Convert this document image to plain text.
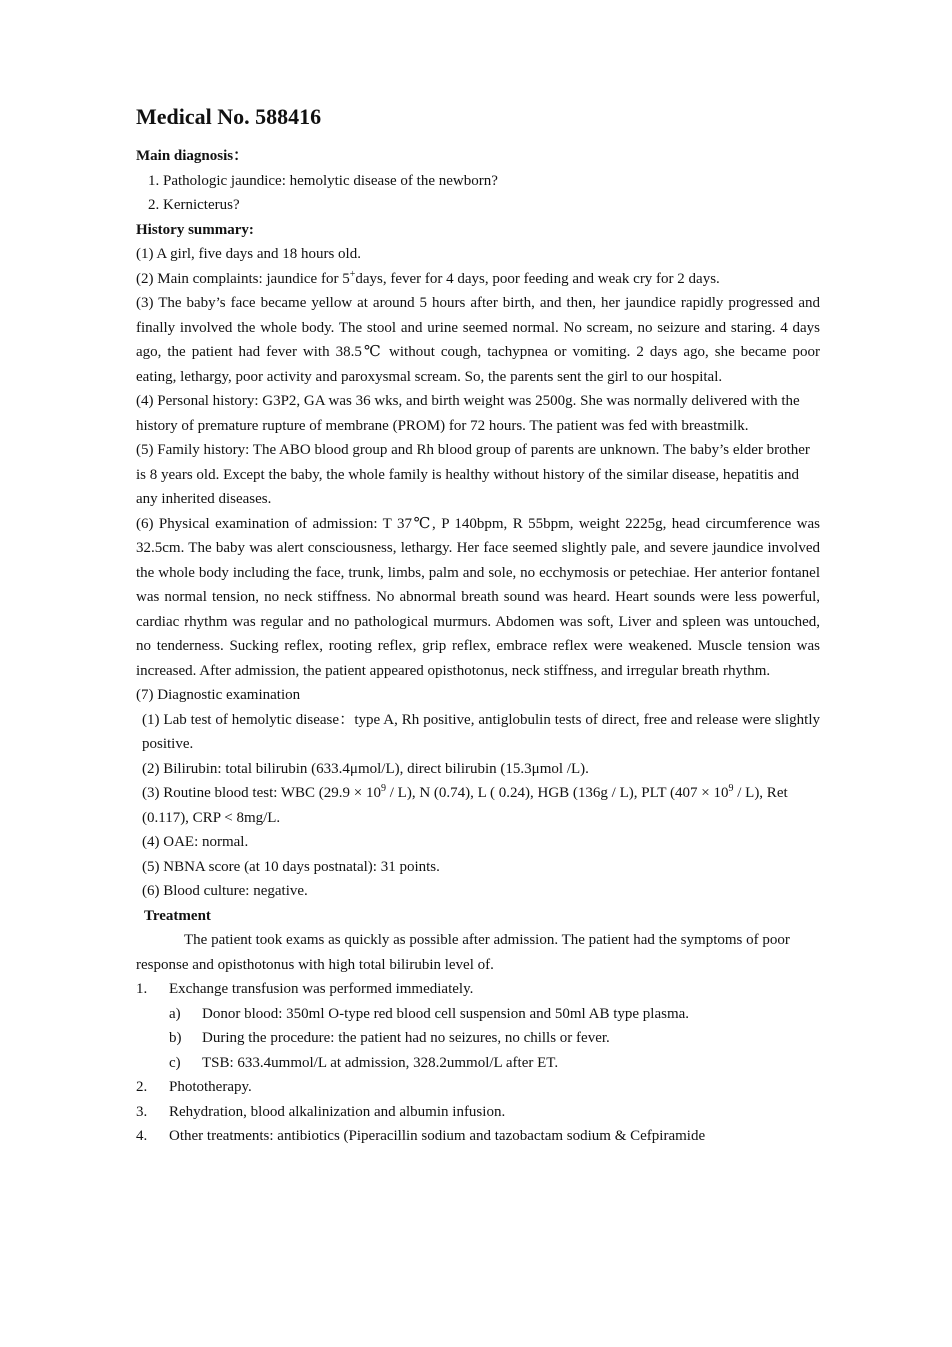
Medical No. 588416
Main diagnosis：
1. Pathologic jaundice: hemolytic disease of the newborn?
2. Kernicterus?
History summary:
(1) A girl, five days and 18 hours old.
(2) Main complaints: jaundice for 5+days, fever for 4 days, poor feeding and weak cry for 2 days.
(3) The baby’s face became yellow at around 5 hours after birth, and then, her jaundice rapidly progressed and finally involved the whole body. The stool and urine seemed normal. No scream, no seizure and staring. 4 days ago, the patient had fever with 38.5℃ without cough, tachypnea or vomiting. 2 days ago, she became poor eating, lethargy, poor activity and paroxysmal scream. So, the parents sent the girl to our hospital.
(4) Personal history: G3P2, GA was 36 wks, and birth weight was 2500g. She was normally delivered with the history of premature rupture of membrane (PROM) for 72 hours. The patient was fed with breastmilk.
(5) Family history: The ABO blood group and Rh blood group of parents are unknown. The baby’s elder brother is 8 years old. Except the baby, the whole family is healthy without history of the similar disease, hepatitis and any inherited diseases.
(6) Physical examination of admission: T 37℃, P 140bpm, R 55bpm, weight 2225g, head circumference was 32.5cm. The baby was alert consciousness, lethargy. Her face seemed slightly pale, and severe jaundice involved the whole body including the face, trunk, limbs, palm and sole, no ecchymosis or petechiae. Her anterior fontanel was normal tension, no neck stiffness. No abnormal breath sound was heard. Heart sounds were less powerful, cardiac rhythm was regular and no pathological murmurs. Abdomen was soft, Liver and spleen was untouched, no tenderness. Sucking reflex, rooting reflex, grip reflex, embrace reflex were weakened. Muscle tension was increased. After admission, the patient appeared opisthotonus, neck stiffness, and irregular breath rhythm.
(7) Diagnostic examination
(1) Lab test of hemolytic disease：type A, Rh positive, antiglobulin tests of direct, free and release were slightly positive.
(2) Bilirubin: total bilirubin (633.4μmol/L), direct bilirubin (15.3μmol /L).
(3) Routine blood test: WBC $(29.9 \times 10^9 / L)$, N (0.74), L ( 0.24), HGB (136g / L), PLT $(407 \times 10^9 / L)$, Ret (0.117), CRP < 8mg/L.
(4) OAE: normal.
(5) NBNA score (at 10 days postnatal): 31 points.
(6) Blood culture: negative.
Treatment
The patient took exams as quickly as possible after admission. The patient had the symptoms of poor response and opisthotonus with high total bilirubin level of.
1.	Exchange transfusion was performed immediately.
a)	Donor blood: 350ml O-type red blood cell suspension and 50ml AB type plasma.
b)	During the procedure: the patient had no seizures, no chills or fever.
c)	TSB: 633.4ummol/L at admission, 328.2ummol/L after ET.
2.	Phototherapy.
3.	Rehydration, blood alkalinization and albumin infusion.
4.	Other treatments: antibiotics (Piperacillin sodium and tazobactam sodium & Cefpiramide
